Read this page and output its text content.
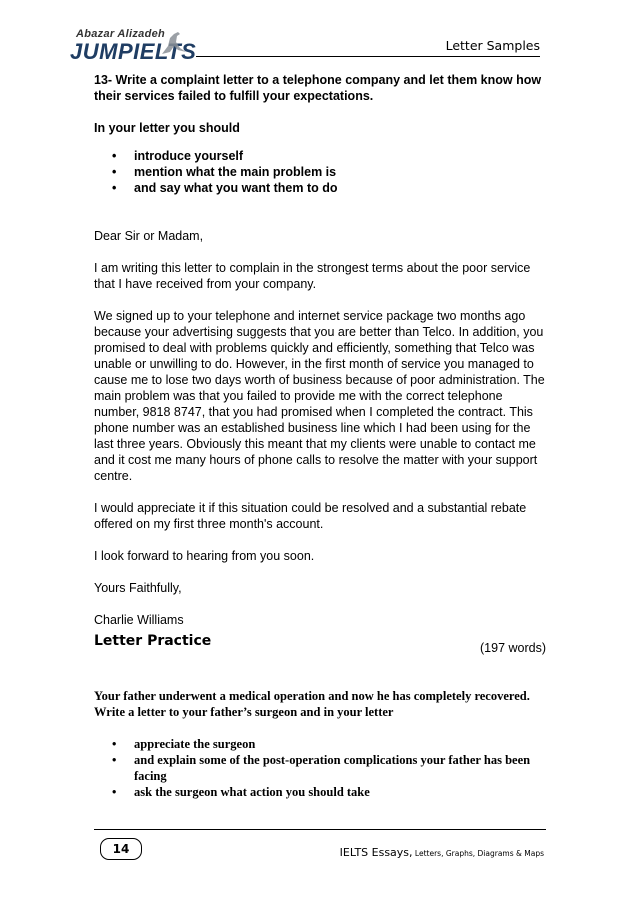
Abazar Alizadeh
JUMPIELTS	Letter Samples

13- Write a complaint letter to a telephone company and let them know how their services failed to fulfill your expectations.

In your letter you should

• introduce yourself
• mention what the main problem is
• and say what you want them to do

Dear Sir or Madam,

I am writing this letter to complain in the strongest terms about the poor service that I have received from your company.

We signed up to your telephone and internet service package two months ago because your advertising suggests that you are better than Telco. In addition, you promised to deal with problems quickly and efficiently, something that Telco was unable or unwilling to do. However, in the first month of service you managed to cause me to lose two days worth of business because of poor administration. The main problem was that you failed to provide me with the correct telephone number, 9818 8747, that you had promised when I completed the contract. This phone number was an established business line which I had been using for the last three years. Obviously this meant that my clients were unable to contact me and it cost me many hours of phone calls to resolve the matter with your support centre.

I would appreciate it if this situation could be resolved and a substantial rebate offered on my first three month's account.

I look forward to hearing from you soon.

Yours Faithfully,

Charlie Williams

(197 words)

Letter Practice

Your father underwent a medical operation and now he has completely recovered. Write a letter to your father’s surgeon and in your letter

• appreciate the surgeon
• and explain some of the post-operation complications your father has been facing
• ask the surgeon what action you should take
14	IELTS Essays, Letters, Graphs, Diagrams & Maps
